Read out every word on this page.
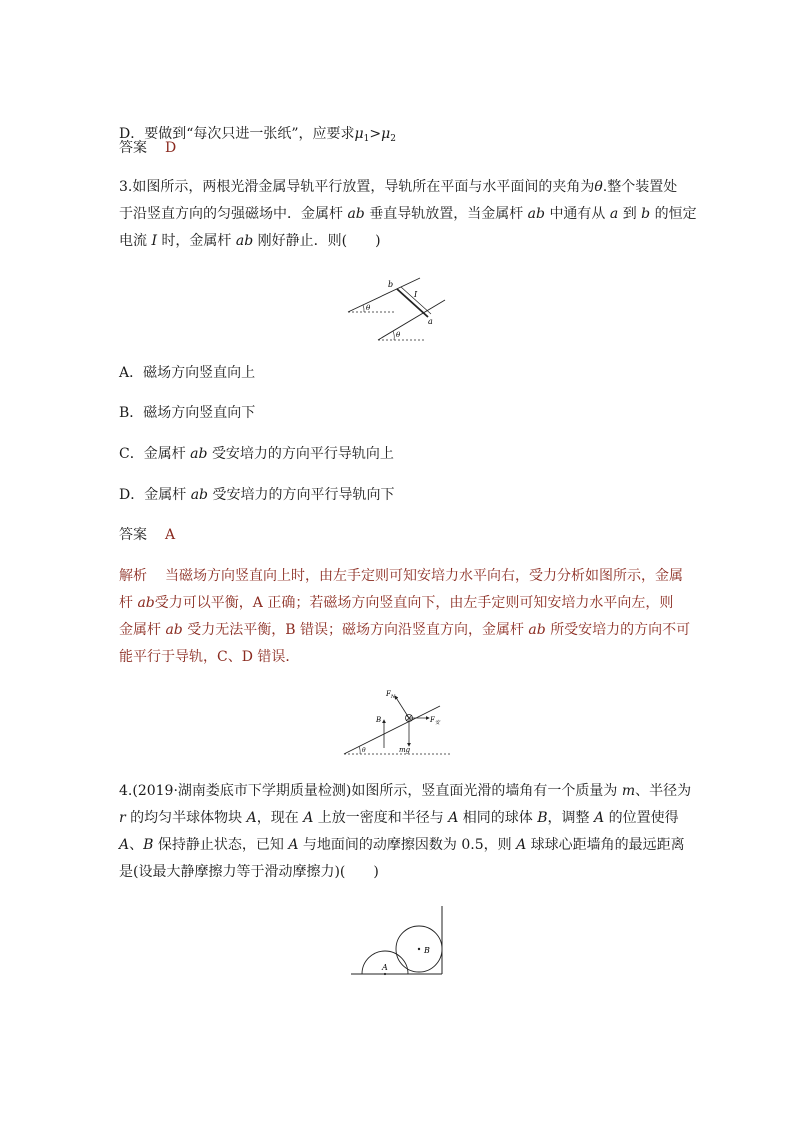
D．要做到“每次只进一张纸”，应要求$\mu_1>\mu_2$
答案 D
3.如图所示，两根光滑金属导轨平行放置，导轨所在平面与水平面间的夹角为θ.整个装置处
于沿竖直方向的匀强磁场中．金属杆 ab 垂直导轨放置，当金属杆 ab 中通有从 a 到 b 的恒定
电流 I 时，金属杆 ab 刚好静止．则(　　)
b
I
a
θ
θ
A．磁场方向竖直向上
B．磁场方向竖直向下
C．金属杆 ab 受安培力的方向平行导轨向上
D．金属杆 ab 受安培力的方向平行导轨向下
答案 A
解析 当磁场方向竖直向上时，由左手定则可知安培力水平向右，受力分析如图所示，金属
杆 ab受力可以平衡，A 正确；若磁场方向竖直向下，由左手定则可知安培力水平向左，则
金属杆 ab 受力无法平衡，B 错误；磁场方向沿竖直方向，金属杆 ab 所受安培力的方向不可
能平行于导轨，C、D 错误．
$F_N$
$F_安$
B
mg
θ
4.(2019·湖南娄底市下学期质量检测)如图所示，竖直面光滑的墙角有一个质量为 m、半径为
r 的均匀半球体物块 A，现在 A 上放一密度和半径与 A 相同的球体 B，调整 A 的位置使得
A、B 保持静止状态，已知 A 与地面间的动摩擦因数为 0.5，则 A 球球心距墙角的最远距离
是(设最大静摩擦力等于滑动摩擦力)(　　)
B
A
